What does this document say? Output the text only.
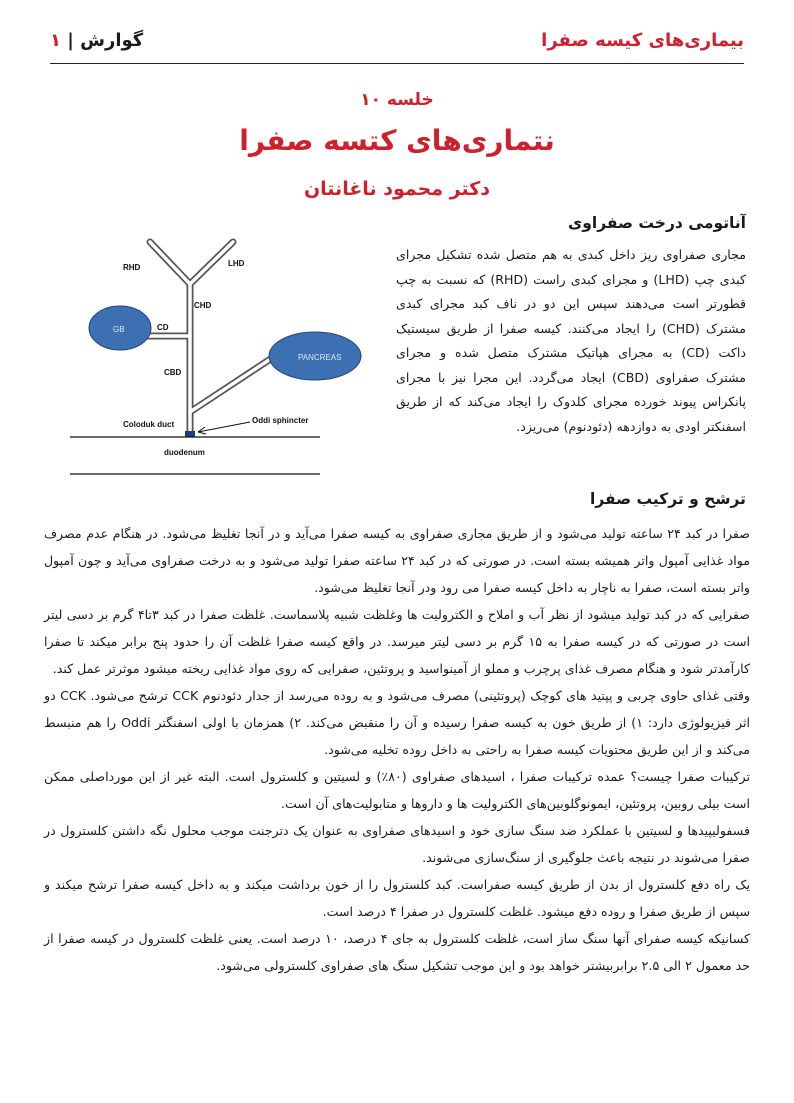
بیماری‌های کیسه صفرا
گوارش | ۱
خلسه ۱۰
نتماری‌های کتسه صفرا
دکتر محمود ناغانتان
RHD	LHD
CHD
CD
CBD
Coloduk duct	Oddi sphincter
duodenum
GB
PANCREAS
آناتومی درخت صفراوی
مجاری صفراوی ریز داخل کبدی به هم متصل شده تشکیل مجرای کبدی چپ (LHD) و مجرای کبدی راست (RHD) که نسبت به چپ قطورتر است می‌دهند سپس این دو در ناف کبد مجرای کبدی مشترک (CHD) را ایجاد می‌کنند. کیسه صفرا از طریق سیستیک داکت (CD) به مجرای هپاتیک مشترک متصل شده و مجرای مشترک صفراوی (CBD) ایجاد می‌گردد. این مجرا نیز با مجرای پانکراس پیوند خورده مجرای کلدوک را ایجاد می‌کند که از طریق اسفنکتر اودی به دوازدهه (دئودنوم) می‌ریزد.
ترشح و ترکیب صفرا

صفرا در کبد ۲۴ ساعته تولید می‌شود و از طریق مجاری صفراوی به کیسه صفرا می‌آید و در آنجا تغلیظ می‌شود. در هنگام عدم مصرف مواد غذایی آمپول واتر همیشه بسته است. در صورتی که در کبد ۲۴ ساعته صفرا تولید می‌شود و به درخت صفراوی می‌آید و چون آمپول واتر بسته است، صفرا به ناچار به داخل کیسه صفرا می رود ودر آنجا تغلیظ می‌شود.

صفرایی که در کبد تولید میشود از نظر آب و املاح و الکترولیت ها وغلظت شبیه پلاسماست. غلظت صفرا در کبد ۳تا۴ گرم بر دسی لیتر است در صورتی که در کیسه صفرا به ۱۵ گرم بر دسی لیتر میرسد. در واقع کیسه صفرا غلظت آن را حدود پنج برابر میکند تا صفرا کارآمدتر شود و هنگام مصرف غذای پرچرب و مملو از آمینواسید و پروتئین، صفرایی که روی مواد غذایی ریخته میشود موثرتر عمل کند.

وقتی غذای حاوی چربی و پپتید های کوچک (پروتئینی) مصرف می‌شود و به روده می‌رسد از جدار دئودنوم CCK ترشح می‌شود. CCK دو اثر فیزیولوژی دارد: ۱) از طریق خون به کیسه صفرا رسیده و آن را منقبض می‌کند. ۲) همزمان با اولی اسفنگتر Oddi را هم منبسط می‌کند و از این طریق محتویات کیسه صفرا به راحتی به داخل روده تخلیه می‌شود.

ترکیبات صفرا چیست؟ عمده ترکیبات صفرا ، اسیدهای صفراوی (۸۰٪) و لسیتین و کلسترول است. البته غیر از این مورداصلی ممکن است بیلی روبین، پروتئین، ایمونوگلوبین‌های الکترولیت ها و داروها و متابولیت‌های آن است.

فسفولیپیدها و لسیتین با عملکرد ضد سنگ سازی خود و اسیدهای صفراوی به عنوان یک دترجنت موجب محلول نگه داشتن کلسترول در صفرا می‌شوند در نتیجه باعث جلوگیری از سنگ‌سازی می‌شوند.

یک راه دفع کلسترول از بدن از طریق کیسه صفراست. کبد کلسترول را از خون برداشت میکند و به داخل کیسه صفرا ترشح میکند و سپس از طریق صفرا و روده دفع میشود. غلظت کلسترول در صفرا ۴ درصد است.

کسانیکه کیسه صفرای آنها سنگ ساز است، غلظت کلسترول به جای ۴ درصد، ۱۰ درصد است. یعنی غلظت کلسترول در کیسه صفرا از حد معمول ۲ الی ۲.۵ برابربیشتر خواهد بود و این موجب تشکیل سنگ های صفراوی کلسترولی می‌شود.
